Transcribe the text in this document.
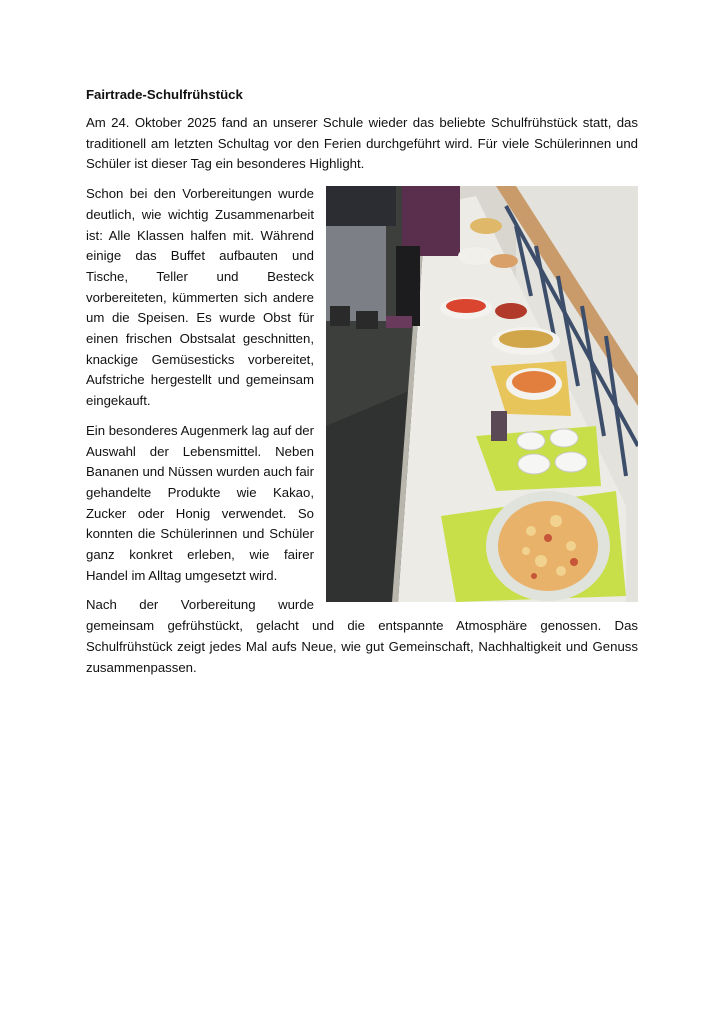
Fairtrade-Schulfrühstück

Am 24. Oktober 2025 fand an unserer Schule wieder das beliebte Schulfrühstück statt, das traditionell am letzten Schultag vor den Ferien durchgeführt wird. Für viele Schülerinnen und Schüler ist dieser Tag ein besonderes Highlight.

Schon bei den Vorbereitungen wurde deutlich, wie wichtig Zusammenarbeit ist: Alle Klassen halfen mit. Während einige das Buffet aufbauten und Tische, Teller und Besteck vorbereiteten, kümmerten sich andere um die Speisen. Es wurde Obst für einen frischen Obstsalat geschnitten, knackige Gemüsesticks vorbereitet, Aufstriche hergestellt und gemeinsam eingekauft.

Ein besonderes Augenmerk lag auf der Auswahl der Lebensmittel. Neben Bananen und Nüssen wurden auch fair gehandelte Produkte wie Kakao, Zucker oder Honig verwendet. So konnten die Schülerinnen und Schüler ganz konkret erleben, wie fairer Handel im Alltag umgesetzt wird.

Nach der Vorbereitung wurde gemeinsam gefrühstückt, gelacht und die entspannte Atmosphäre genossen. Das Schulfrühstück zeigt jedes Mal aufs Neue, wie gut Gemeinschaft, Nachhaltigkeit und Genuss zusammenpassen.
